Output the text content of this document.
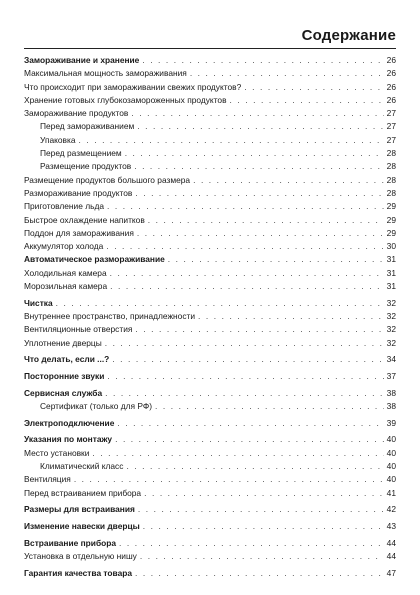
Содержание
Замораживание и хранение . . .	26
Максимальная мощность замораживания . . .	26
Что происходит при замораживании свежих продуктов? . . .	26
Хранение готовых глубокозамороженных продуктов . . .	26
Замораживание продуктов . . .	27
Перед замораживанием . . .	27
Упаковка . . .	27
Перед размещением . . .	28
Размещение продуктов . . .	28
Размещение продуктов большого размера . . .	28
Размораживание продуктов . . .	28
Приготовление льда . . .	29
Быстрое охлаждение напитков . . .	29
Поддон для замораживания . . .	29
Аккумулятор холода . . .	30
Автоматическое размораживание . . .	31
Холодильная камера . . .	31
Морозильная камера . . .	31
Чистка . . .	32
Внутреннее пространство, принадлежности . . .	32
Вентиляционные отверстия . . .	32
Уплотнение дверцы . . .	32
Что делать, если ...? . . .	34
Посторонние звуки . . .	37
Сервисная служба . . .	38
Сертификат (только для РФ) . . .	38
Электроподключение . . .	39
Указания по монтажу . . .	40
Место установки . . .	40
Климатический класс . . .	40
Вентиляция . . .	40
Перед встраиванием прибора . . .	41
Размеры для встраивания . . .	42
Изменение навески дверцы . . .	43
Встраивание прибора . . .	44
Установка в отдельную нишу . . .	44
Гарантия качества товара . . .	47
